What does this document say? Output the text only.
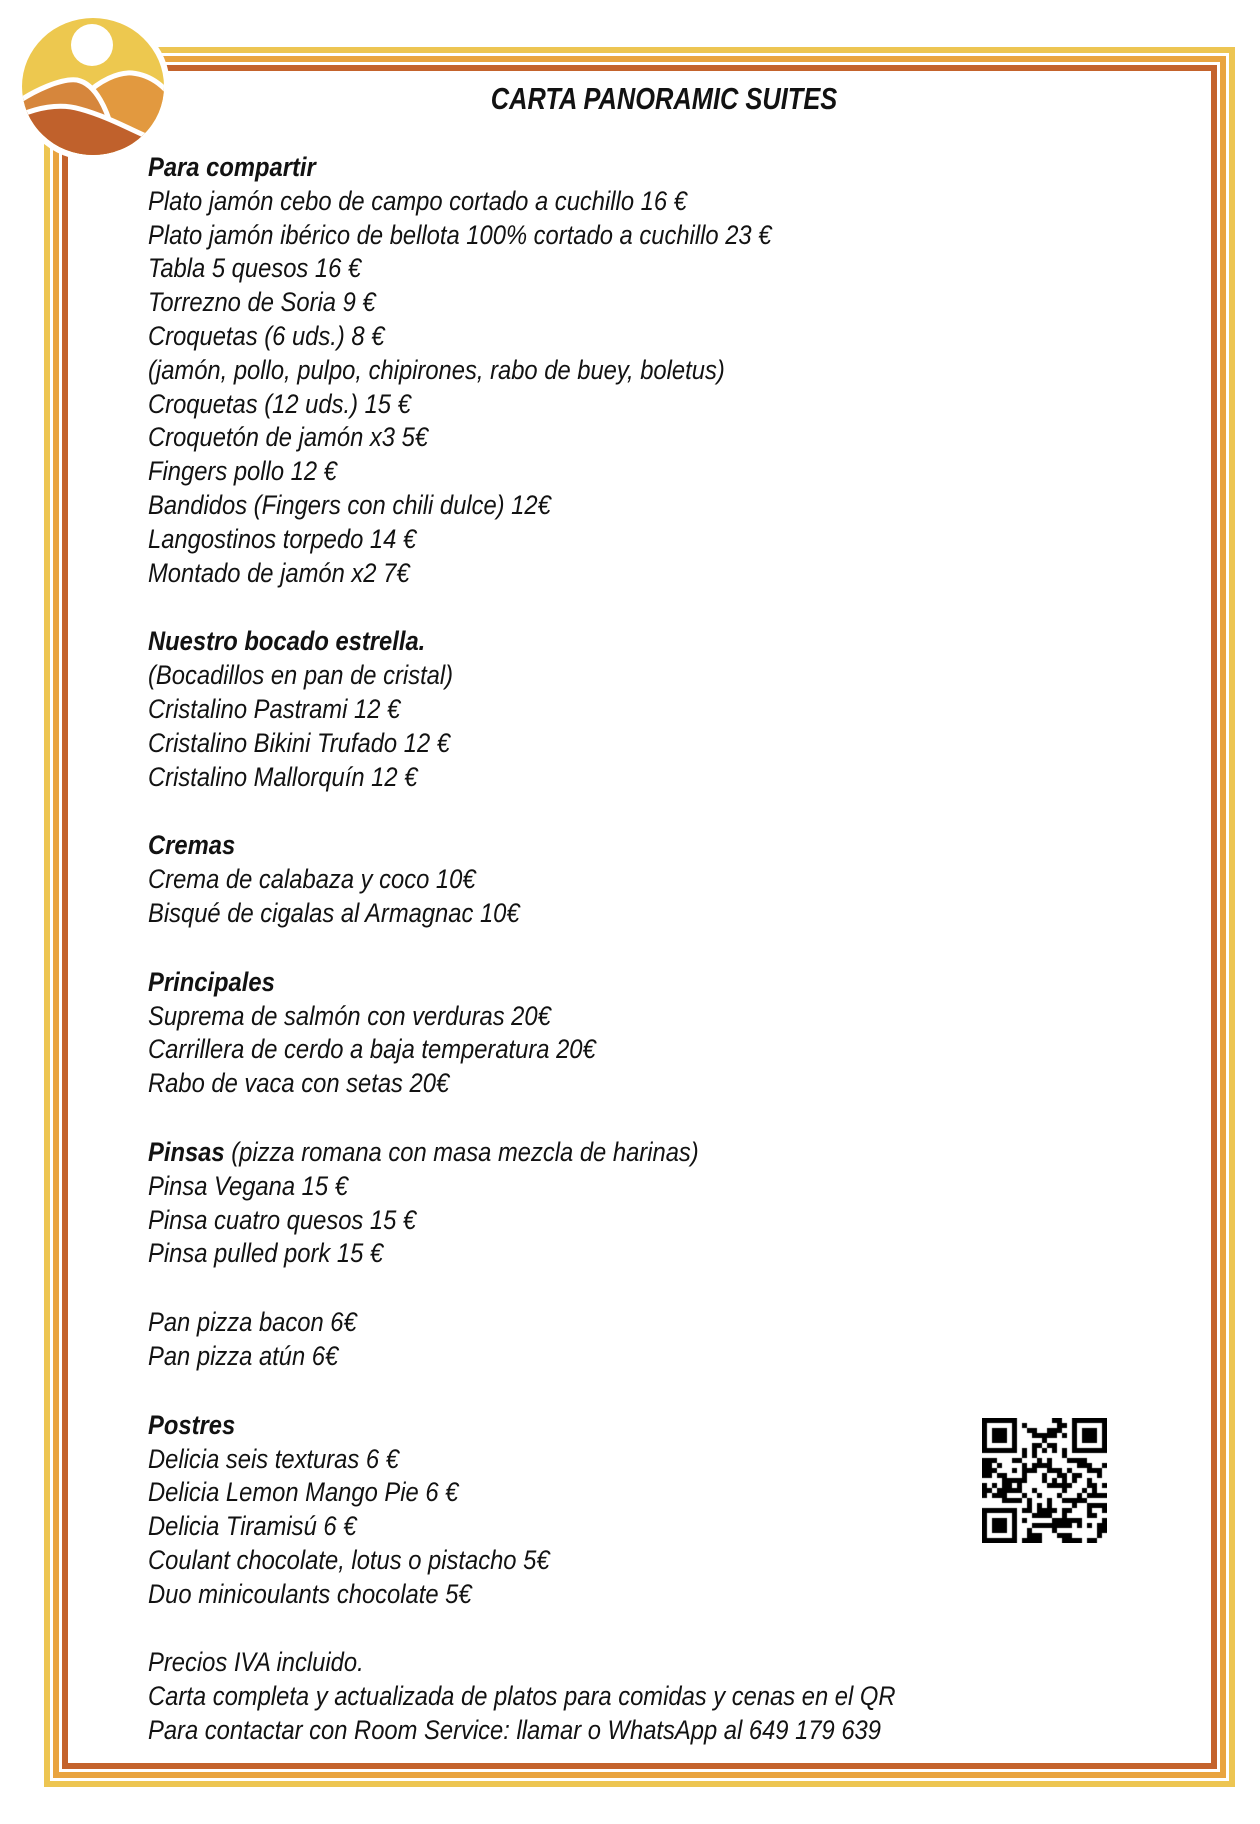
CARTA PANORAMIC SUITES
Para compartir
Plato jamón cebo de campo cortado a cuchillo 16 €
Plato jamón ibérico de bellota 100% cortado a cuchillo 23 €
Tabla 5 quesos 16 €
Torrezno de Soria 9 €
Croquetas (6 uds.) 8 €
(jamón, pollo, pulpo, chipirones, rabo de buey, boletus)
Croquetas (12 uds.) 15 €
Croquetón de jamón x3 5€
Fingers pollo 12 €
Bandidos (Fingers con chili dulce) 12€
Langostinos torpedo 14 €
Montado de jamón x2 7€
Nuestro bocado estrella.
(Bocadillos en pan de cristal)
Cristalino Pastrami 12 €
Cristalino Bikini Trufado 12 €
Cristalino Mallorquín 12 €
Cremas
Crema de calabaza y coco 10€
Bisqué de cigalas al Armagnac 10€
Principales
Suprema de salmón con verduras 20€
Carrillera de cerdo a baja temperatura 20€
Rabo de vaca con setas 20€
Pinsas (pizza romana con masa mezcla de harinas)
Pinsa Vegana 15 €
Pinsa cuatro quesos 15 €
Pinsa pulled pork 15 €
Pan pizza bacon 6€
Pan pizza atún 6€
Postres
Delicia seis texturas 6 €
Delicia Lemon Mango Pie 6 €
Delicia Tiramisú 6 €
Coulant chocolate, lotus o pistacho 5€
Duo minicoulants chocolate 5€
Precios IVA incluido.
Carta completa y actualizada de platos para comidas y cenas en el QR
Para contactar con Room Service: llamar o WhatsApp al 649 179 639
